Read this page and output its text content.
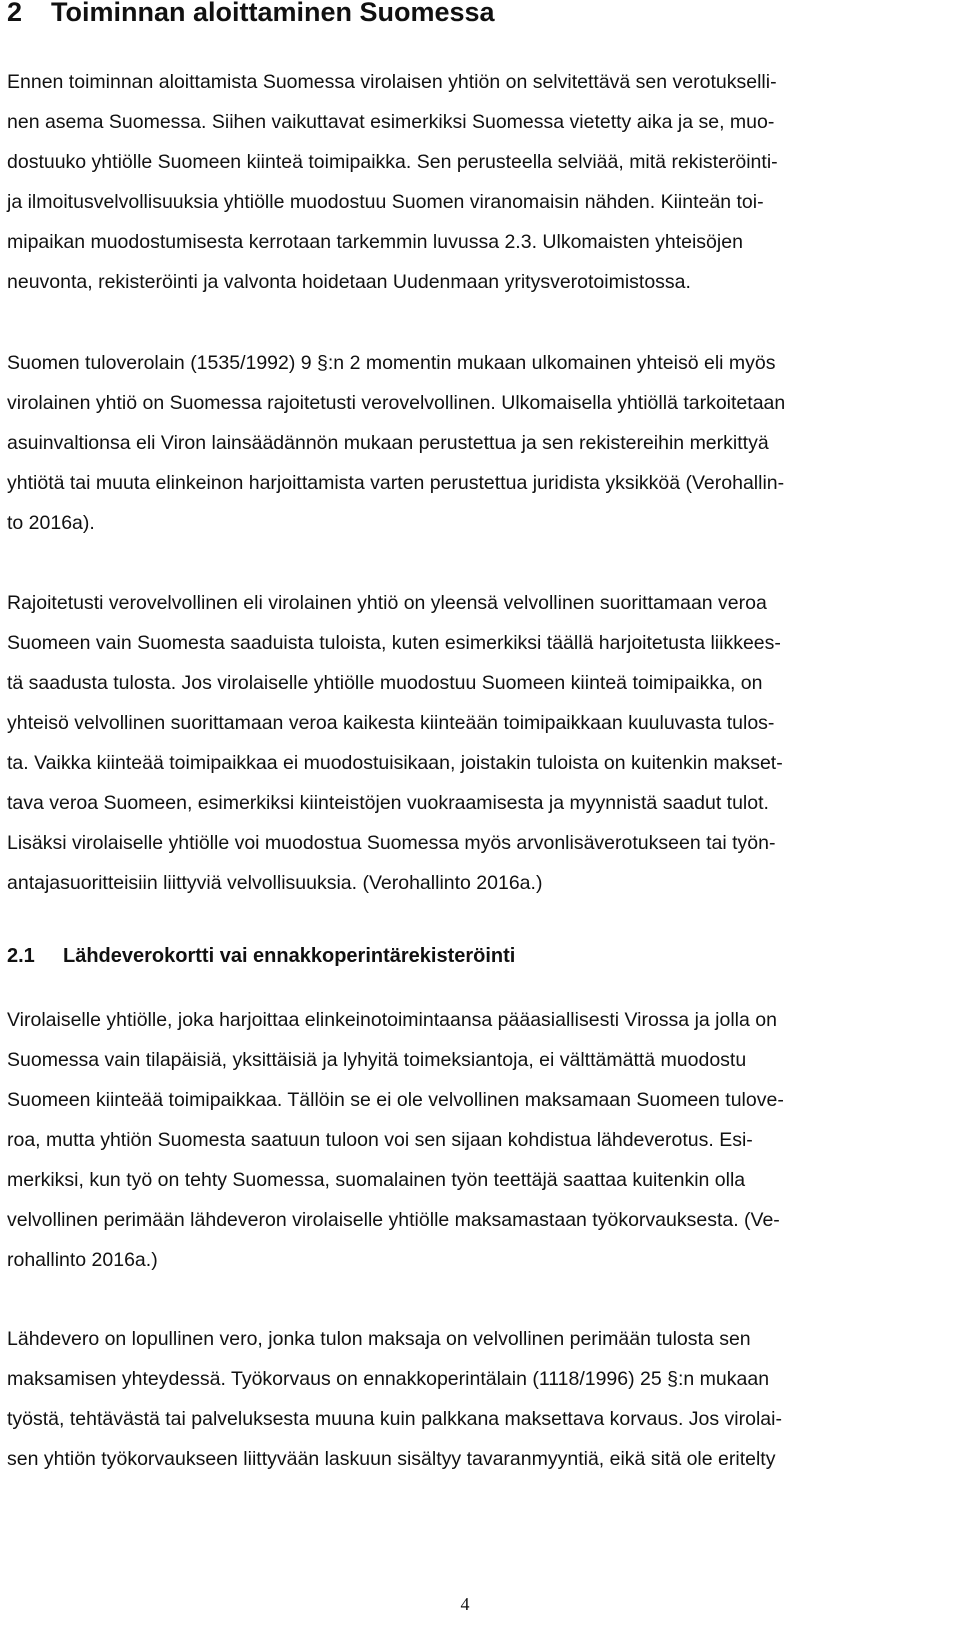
2 Toiminnan aloittaminen Suomessa
Ennen toiminnan aloittamista Suomessa virolaisen yhtiön on selvitettävä sen verotukselli-
nen asema Suomessa. Siihen vaikuttavat esimerkiksi Suomessa vietetty aika ja se, muo-
dostuuko yhtiölle Suomeen kiinteä toimipaikka. Sen perusteella selviää, mitä rekisteröinti-
ja ilmoitusvelvollisuuksia yhtiölle muodostuu Suomen viranomaisin nähden. Kiinteän toi-
mipaikan muodostumisesta kerrotaan tarkemmin luvussa 2.3. Ulkomaisten yhteisöjen
neuvonta, rekisteröinti ja valvonta hoidetaan Uudenmaan yritysverotoimistossa.
Suomen tuloverolain (1535/1992) 9 §:n 2 momentin mukaan ulkomainen yhteisö eli myös
virolainen yhtiö on Suomessa rajoitetusti verovelvollinen. Ulkomaisella yhtiöllä tarkoitetaan
asuinvaltionsa eli Viron lainsäädännön mukaan perustettua ja sen rekistereihin merkittyä
yhtiötä tai muuta elinkeinon harjoittamista varten perustettua juridista yksikköä (Verohallin-
to 2016a).
Rajoitetusti verovelvollinen eli virolainen yhtiö on yleensä velvollinen suorittamaan veroa
Suomeen vain Suomesta saaduista tuloista, kuten esimerkiksi täällä harjoitetusta liikkees-
tä saadusta tulosta. Jos virolaiselle yhtiölle muodostuu Suomeen kiinteä toimipaikka, on
yhteisö velvollinen suorittamaan veroa kaikesta kiinteään toimipaikkaan kuuluvasta tulos-
ta. Vaikka kiinteää toimipaikkaa ei muodostuisikaan, joistakin tuloista on kuitenkin makset-
tava veroa Suomeen, esimerkiksi kiinteistöjen vuokraamisesta ja myynnistä saadut tulot.
Lisäksi virolaiselle yhtiölle voi muodostua Suomessa myös arvonlisäverotukseen tai työn-
antajasuoritteisiin liittyviä velvollisuuksia. (Verohallinto 2016a.)
2.1 Lähdeverokortti vai ennakkoperintärekisteröinti
Virolaiselle yhtiölle, joka harjoittaa elinkeinotoimintaansa pääasiallisesti Virossa ja jolla on
Suomessa vain tilapäisiä, yksittäisiä ja lyhyitä toimeksiantoja, ei välttämättä muodostu
Suomeen kiinteää toimipaikkaa. Tällöin se ei ole velvollinen maksamaan Suomeen tulove-
roa, mutta yhtiön Suomesta saatuun tuloon voi sen sijaan kohdistua lähdeverotus. Esi-
merkiksi, kun työ on tehty Suomessa, suomalainen työn teettäjä saattaa kuitenkin olla
velvollinen perimään lähdeveron virolaiselle yhtiölle maksamastaan työkorvauksesta. (Ve-
rohallinto 2016a.)
Lähdevero on lopullinen vero, jonka tulon maksaja on velvollinen perimään tulosta sen
maksamisen yhteydessä. Työkorvaus on ennakkoperintälain (1118/1996) 25 §:n mukaan
työstä, tehtävästä tai palveluksesta muuna kuin palkkana maksettava korvaus. Jos virolai-
sen yhtiön työkorvaukseen liittyvään laskuun sisältyy tavaranmyyntiä, eikä sitä ole eritelty
4
